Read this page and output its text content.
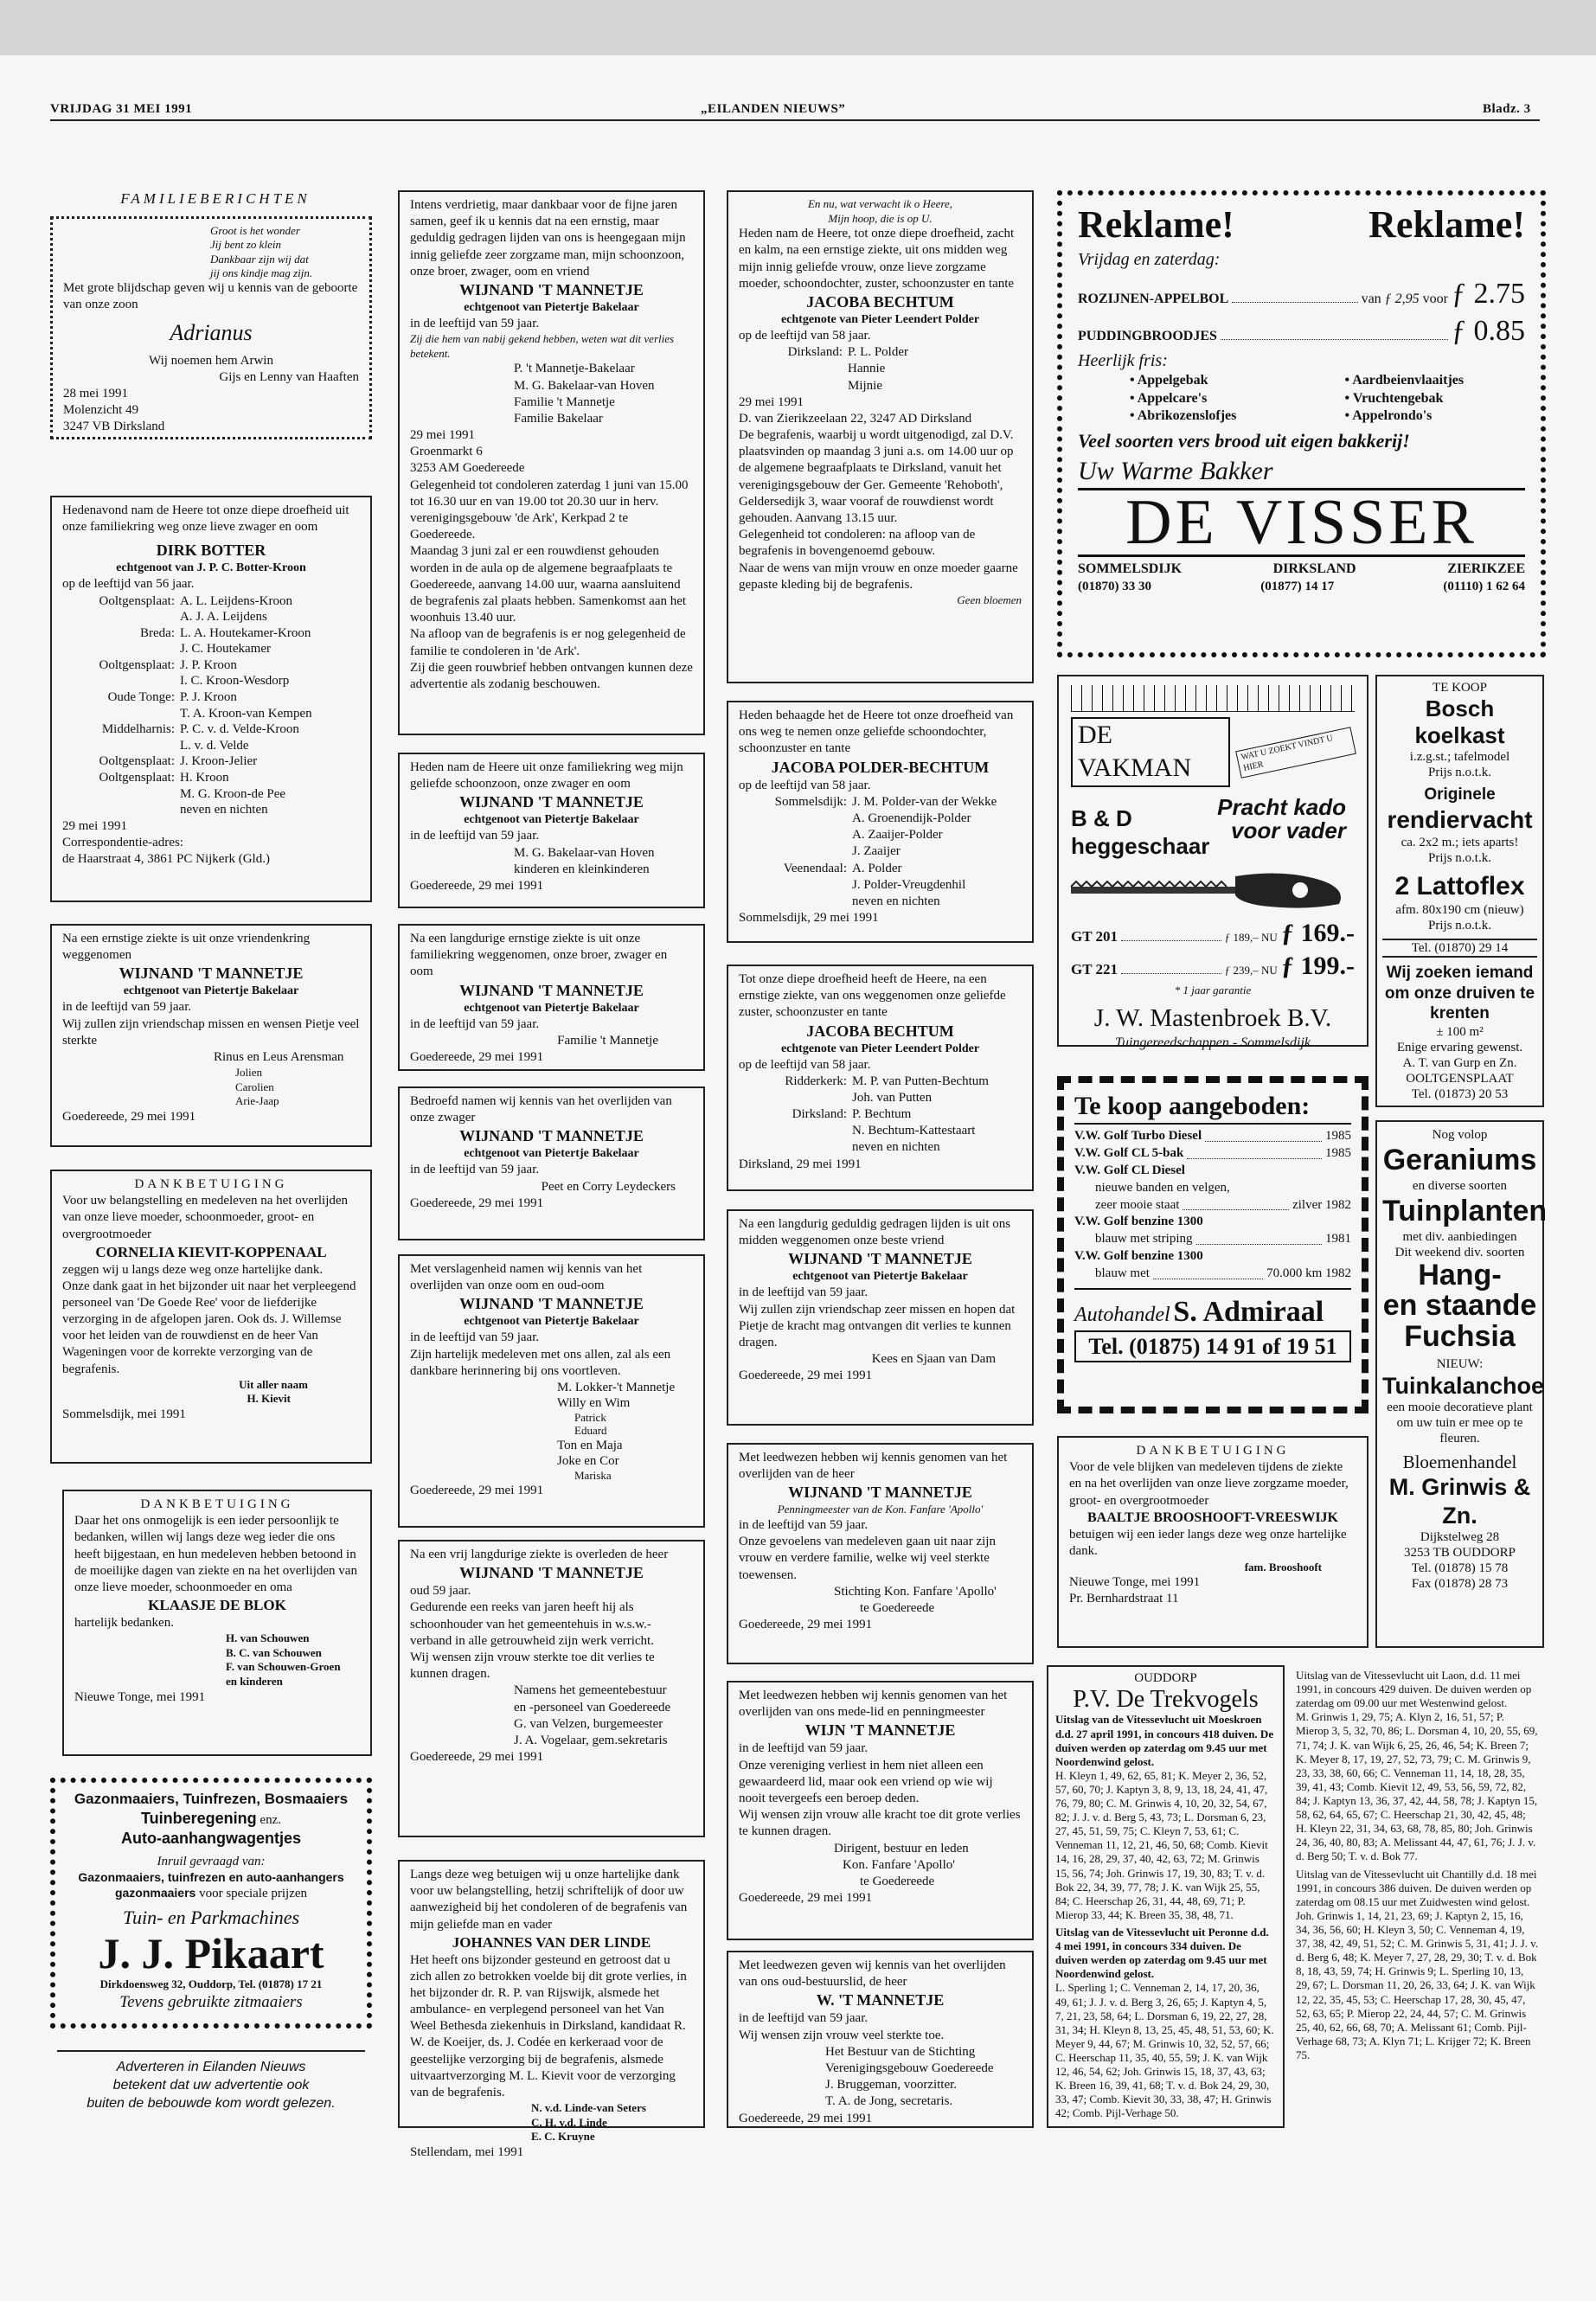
VRIJDAG 31 MEI 1991	„EILANDEN NIEUWS”	Bladz. 3
FAMILIEBERICHTEN
Groot is het wonder
Jij bent zo klein
Dankbaar zijn wij dat
jij ons kindje mag zijn.
Met grote blijdschap geven wij u kennis van de geboorte van onze zoon
Adrianus
Wij noemen hem Arwin
Gijs en Lenny van Haaften
28 mei 1991
Molenzicht 49
3247 VB Dirksland
Hedenavond nam de Heere tot onze diepe droefheid uit onze familiekring weg onze lieve zwager en oom
DIRK BOTTER
echtgenoot van J. P. C. Botter-Kroon
op de leeftijd van 56 jaar.
Ooltgensplaat: A. L. Leijdens-Kroon
A. J. A. Leijdens
Breda: L. A. Houtekamer-Kroon
J. C. Houtekamer
Ooltgensplaat: J. P. Kroon
I. C. Kroon-Wesdorp
Oude Tonge: P. J. Kroon
T. A. Kroon-van Kempen
Middelharnis: P. C. v. d. Velde-Kroon
L. v. d. Velde
Ooltgensplaat: J. Kroon-Jelier
Ooltgensplaat: H. Kroon
M. G. Kroon-de Pee
neven en nichten
29 mei 1991
Correspondentie-adres:
de Haarstraat 4, 3861 PC Nijkerk (Gld.)
Na een ernstige ziekte is uit onze vriendenkring weggenomen
WIJNAND 'T MANNETJE
echtgenoot van Pietertje Bakelaar
in de leeftijd van 59 jaar.
Wij zullen zijn vriendschap missen en wensen Pietje veel sterkte
Rinus en Leus Arensman
Jolien
Carolien
Arie-Jaap
Goedereede, 29 mei 1991
DANKBETUIGING
Voor uw belangstelling en medeleven na het overlijden van onze lieve moeder, schoonmoeder, groot- en overgrootmoeder
CORNELIA KIEVIT-KOPPENAAL
zeggen wij u langs deze weg onze hartelijke dank.
Onze dank gaat in het bijzonder uit naar het verpleegend personeel van 'De Goede Ree' voor de liefderijke verzorging in de afgelopen jaren. Ook ds. J. Willemse voor het leiden van de rouwdienst en de heer Van Wageningen voor de korrekte verzorging van de begrafenis.
Uit aller naam
H. Kievit
Sommelsdijk, mei 1991
DANKBETUIGING
Daar het ons onmogelijk is een ieder persoonlijk te bedanken, willen wij langs deze weg ieder die ons heeft bijgestaan, en hun medeleven hebben betoond in de moeilijke dagen van ziekte en na het overlijden van onze lieve moeder, schoonmoeder en oma
KLAASJE DE BLOK
hartelijk bedanken.
H. van Schouwen
B. C. van Schouwen
F. van Schouwen-Groen
en kinderen
Nieuwe Tonge, mei 1991
Gazonmaaiers, Tuinfrezen, Bosmaaiers
Tuinberegening enz.
Auto-aanhangwagentjes
Inruil gevraagd van:
Gazonmaaiers, tuinfrezen en auto-aanhangers
gazonmaaiers voor speciale prijzen
Tuin- en Parkmachines
J. J. Pikaart
Dirkdoensweg 32, Ouddorp, Tel. (01878) 17 21
Tevens gebruikte zitmaaiers
Adverteren in Eilanden Nieuws
betekent dat uw advertentie ook
buiten de bebouwde kom wordt gelezen.
Intens verdrietig, maar dankbaar voor de fijne jaren samen, geef ik u kennis dat na een ernstig, maar geduldig gedragen lijden van ons is heengegaan mijn innig geliefde zeer zorgzame man, mijn schoonzoon, onze broer, zwager, oom en vriend
WIJNAND 'T MANNETJE
echtgenoot van Pietertje Bakelaar
in de leeftijd van 59 jaar.
Zij die hem van nabij gekend hebben, weten wat dit verlies betekent.
P. 't Mannetje-Bakelaar
M. G. Bakelaar-van Hoven
Familie 't Mannetje
Familie Bakelaar
29 mei 1991
Groenmarkt 6
3253 AM Goedereede
Gelegenheid tot condoleren zaterdag 1 juni van 15.00 tot 16.30 uur en van 19.00 tot 20.30 uur in herv. verenigingsgebouw 'de Ark', Kerkpad 2 te Goedereede.
Maandag 3 juni zal er een rouwdienst gehouden worden in de aula op de algemene begraafplaats te Goedereede, aanvang 14.00 uur, waarna aansluitend de begrafenis zal plaats hebben. Samenkomst aan het woonhuis 13.40 uur.
Na afloop van de begrafenis is er nog gelegenheid de familie te condoleren in 'de Ark'.
Zij die geen rouwbrief hebben ontvangen kunnen deze advertentie als zodanig beschouwen.
Heden nam de Heere uit onze familiekring weg mijn geliefde schoonzoon, onze zwager en oom
WIJNAND 'T MANNETJE
echtgenoot van Pietertje Bakelaar
in de leeftijd van 59 jaar.
M. G. Bakelaar-van Hoven
kinderen en kleinkinderen
Goedereede, 29 mei 1991
Na een langdurige ernstige ziekte is uit onze familiekring weggenomen, onze broer, zwager en oom
WIJNAND 'T MANNETJE
echtgenoot van Pietertje Bakelaar
in de leeftijd van 59 jaar.
Familie 't Mannetje
Goedereede, 29 mei 1991
Bedroefd namen wij kennis van het overlijden van onze zwager
WIJNAND 'T MANNETJE
echtgenoot van Pietertje Bakelaar
in de leeftijd van 59 jaar.
Peet en Corry Leydeckers
Goedereede, 29 mei 1991
Met verslagenheid namen wij kennis van het overlijden van onze oom en oud-oom
WIJNAND 'T MANNETJE
echtgenoot van Pietertje Bakelaar
in de leeftijd van 59 jaar.
Zijn hartelijk medeleven met ons allen, zal als een dankbare herinnering bij ons voortleven.
M. Lokker-'t Mannetje
Willy en Wim
Patrick
Eduard
Ton en Maja
Joke en Cor
Mariska
Goedereede, 29 mei 1991
Na een vrij langdurige ziekte is overleden de heer
WIJNAND 'T MANNETJE
oud 59 jaar.
Gedurende een reeks van jaren heeft hij als schoonhouder van het gemeentehuis in w.s.w.-verband in alle getrouwheid zijn werk verricht.
Wij wensen zijn vrouw sterkte toe dit verlies te kunnen dragen.
Namens het gemeentebestuur
en -personeel van Goedereede
G. van Velzen, burgemeester
J. A. Vogelaar, gem.sekretaris
Goedereede, 29 mei 1991
Langs deze weg betuigen wij u onze hartelijke dank voor uw belangstelling, hetzij schriftelijk of door uw aanwezigheid bij het condoleren of de begrafenis van mijn geliefde man en vader
JOHANNES VAN DER LINDE
Het heeft ons bijzonder gesteund en getroost dat u zich allen zo betrokken voelde bij dit grote verlies, in het bijzonder dr. R. P. van Rijswijk, alsmede het ambulance- en verplegend personeel van het Van Weel Bethesda ziekenhuis in Dirksland, kandidaat R. W. de Koeijer, ds. J. Codée en kerkeraad voor de geestelijke verzorging bij de begrafenis, alsmede uitvaartverzorging M. L. Kievit voor de verzorging van de begrafenis.
N. v.d. Linde-van Seters
C. H. v.d. Linde
E. C. Kruyne
Stellendam, mei 1991
En nu, wat verwacht ik o Heere,
Mijn hoop, die is op U.
Heden nam de Heere, tot onze diepe droefheid, zacht en kalm, na een ernstige ziekte, uit ons midden weg mijn innig geliefde vrouw, onze lieve zorgzame moeder, schoondochter, zuster, schoonzuster en tante
JACOBA BECHTUM
echtgenote van Pieter Leendert Polder
op de leeftijd van 58 jaar.
Dirksland: P. L. Polder
Hannie
Mijnie
29 mei 1991
D. van Zierikzeelaan 22, 3247 AD Dirksland
De begrafenis, waarbij u wordt uitgenodigd, zal D.V. plaatsvinden op maandag 3 juni a.s. om 14.00 uur op de algemene begraafplaats te Dirksland, vanuit het verenigingsgebouw der Ger. Gemeente 'Rehoboth', Geldersedijk 3, waar vooraf de rouwdienst wordt gehouden. Aanvang 13.15 uur.
Gelegenheid tot condoleren: na afloop van de begrafenis in bovengenoemd gebouw.
Naar de wens van mijn vrouw en onze moeder gaarne gepaste kleding bij de begrafenis.
Geen bloemen
Heden behaagde het de Heere tot onze droefheid van ons weg te nemen onze geliefde schoondochter, schoonzuster en tante
JACOBA POLDER-BECHTUM
op de leeftijd van 58 jaar.
Sommelsdijk: J. M. Polder-van der Wekke
A. Groenendijk-Polder
A. Zaaijer-Polder
J. Zaaijer
Veenendaal: A. Polder
J. Polder-Vreugdenhil
neven en nichten
Sommelsdijk, 29 mei 1991
Tot onze diepe droefheid heeft de Heere, na een ernstige ziekte, van ons weggenomen onze geliefde zuster, schoonzuster en tante
JACOBA BECHTUM
echtgenote van Pieter Leendert Polder
op de leeftijd van 58 jaar.
Ridderkerk: M. P. van Putten-Bechtum
Joh. van Putten
Dirksland: P. Bechtum
N. Bechtum-Kattestaart
neven en nichten
Dirksland, 29 mei 1991
Na een langdurig geduldig gedragen lijden is uit ons midden weggenomen onze beste vriend
WIJNAND 'T MANNETJE
echtgenoot van Pietertje Bakelaar
in de leeftijd van 59 jaar.
Wij zullen zijn vriendschap zeer missen en hopen dat Pietje de kracht mag ontvangen dit verlies te kunnen dragen.
Kees en Sjaan van Dam
Goedereede, 29 mei 1991
Met leedwezen hebben wij kennis genomen van het overlijden van de heer
WIJNAND 'T MANNETJE
Penningmeester van de Kon. Fanfare 'Apollo'
in de leeftijd van 59 jaar.
Onze gevoelens van medeleven gaan uit naar zijn vrouw en verdere familie, welke wij veel sterkte toewensen.
Stichting Kon. Fanfare 'Apollo'
te Goedereede
Goedereede, 29 mei 1991
Met leedwezen hebben wij kennis genomen van het overlijden van ons mede-lid en penningmeester
WIJN 'T MANNETJE
in de leeftijd van 59 jaar.
Onze vereniging verliest in hem niet alleen een gewaardeerd lid, maar ook een vriend op wie wij nooit tevergeefs een beroep deden.
Wij wensen zijn vrouw alle kracht toe dit grote verlies te kunnen dragen.
Dirigent, bestuur en leden
Kon. Fanfare 'Apollo'
te Goedereede
Goedereede, 29 mei 1991
Met leedwezen geven wij kennis van het overlijden van ons oud-bestuurslid, de heer
W. 'T MANNETJE
in de leeftijd van 59 jaar.
Wij wensen zijn vrouw veel sterkte toe.
Het Bestuur van de Stichting
Verenigingsgebouw Goedereede
J. Bruggeman, voorzitter.
T. A. de Jong, secretaris.
Goedereede, 29 mei 1991
Reklame!	Reklame!
Vrijdag en zaterdag:
ROZIJNEN-APPELBOL	van
ƒ 2,95
voor
ƒ 2.75
PUDDINGBROODJES	ƒ 0.85
Heerlijk fris:
• Appelgebak
• Appelcare's
• Abrikozenslofjes
• Aardbeienvlaaitjes
• Vruchtengebak
• Appelrondo's
Veel soorten vers brood uit eigen bakkerij!
Uw Warme Bakker
DE VISSER
SOMMELSDIJK	DIRKSLAND	ZIERIKZEE
(01870) 33 30	(01877) 14 17	(01110) 1 62 64
DE VAKMAN
WAT U ZOEKT VINDT U HIER
Pracht kado
voor vader
B & D
heggeschaar
GT 201	ƒ 189,– NU
ƒ 169.-
GT 221	ƒ 239,– NU
ƒ 199.-
* 1 jaar garantie
J. W. Mastenbroek B.V.
Tuingereedschappen - Sommelsdijk
Te koop aangeboden:
V.W. Golf Turbo Diesel	1985
V.W. Golf CL 5-bak	1985
V.W. Golf CL Diesel
nieuwe banden en velgen,
zeer mooie staat	zilver 1982
V.W. Golf benzine 1300
blauw met striping	1981
V.W. Golf benzine 1300
blauw met	70.000 km 1982
Autohandel S. Admiraal
Tel. (01875) 14 91 of 19 51
DANKBETUIGING
Voor de vele blijken van medeleven tijdens de ziekte en na het overlijden van onze lieve zorgzame moeder, groot- en overgrootmoeder
BAALTJE BROOSHOOFT-VREESWIJK
betuigen wij een ieder langs deze weg onze hartelijke dank.
fam. Brooshooft
Nieuwe Tonge, mei 1991
Pr. Bernhardstraat 11
TE KOOP
Bosch koelkast
i.z.g.st.; tafelmodel
Prijs n.o.t.k.
Originele
rendiervacht
ca. 2x2 m.; iets aparts!
Prijs n.o.t.k.
2 Lattoflex
afm. 80x190 cm (nieuw)
Prijs n.o.t.k.
Tel. (01870) 29 14
Wij zoeken iemand om onze druiven te krenten
± 100 m²
Enige ervaring gewenst.
A. T. van Gurp en Zn.
OOLTGENSPLAAT
Tel. (01873) 20 53
Nog volop
Geraniums
en diverse soorten
Tuinplanten
met div. aanbiedingen
Dit weekend div. soorten
Hang-
en staande
Fuchsia
NIEUW:
Tuinkalanchoe
een mooie decoratieve plant om uw tuin er mee op te fleuren.
Bloemenhandel
M. Grinwis & Zn.
Dijkstelweg 28
3253 TB OUDDORP
Tel. (01878) 15 78
Fax (01878) 28 73
OUDDORP
P.V. De Trekvogels
Uitslag van de Vitessevlucht uit Moeskroen d.d. 27 april 1991, in concours 418 duiven. De duiven werden op zaterdag om 9.45 uur met Noordenwind gelost.
H. Kleyn 1, 49, 62, 65, 81; K. Meyer 2, 36, 52, 57, 60, 70; J. Kaptyn 3, 8, 9, 13, 18, 24, 41, 47, 76, 79, 80; C. M. Grinwis 4, 10, 20, 32, 54, 67, 82; J. J. v. d. Berg 5, 43, 73; L. Dorsman 6, 23, 27, 45, 51, 59, 75; C. Kleyn 7, 53, 61; C. Venneman 11, 12, 21, 46, 50, 68; Comb. Kievit 14, 16, 28, 29, 37, 40, 42, 63, 72; M. Grinwis 15, 56, 74; Joh. Grinwis 17, 19, 30, 83; T. v. d. Bok 22, 34, 39, 77, 78; J. K. van Wijk 25, 55, 84; C. Heerschap 26, 31, 44, 48, 69, 71; P. Mierop 33, 44; K. Breen 35, 38, 48, 71.
Uitslag van de Vitessevlucht uit Peronne d.d. 4 mei 1991, in concours 334 duiven. De duiven werden op zaterdag om 9.45 uur met Noordenwind gelost.
L. Sperling 1; C. Venneman 2, 14, 17, 20, 36, 49, 61; J. J. v. d. Berg 3, 26, 65; J. Kaptyn 4, 5, 7, 21, 23, 58, 64; L. Dorsman 6, 19, 22, 27, 28, 31, 34; H. Kleyn 8, 13, 25, 45, 48, 51, 53, 60; K. Meyer 9, 44, 67; M. Grinwis 10, 32, 52, 57, 66; C. Heerschap 11, 35, 40, 55, 59; J. K. van Wijk 12, 46, 54, 62; Joh. Grinwis 15, 18, 37, 43, 63; K. Breen 16, 39, 41, 68; T. v. d. Bok 24, 29, 30, 33, 47; Comb. Kievit 30, 33, 38, 47; H. Grinwis 42; Comb. Pijl-Verhage 50.
Uitslag van de Vitessevlucht uit Laon, d.d. 11 mei 1991, in concours 429 duiven. De duiven werden op zaterdag om 09.00 uur met Westenwind gelost.
M. Grinwis 1, 29, 75; A. Klyn 2, 16, 51, 57; P. Mierop 3, 5, 32, 70, 86; L. Dorsman 4, 10, 20, 55, 69, 71, 74; J. K. van Wijk 6, 25, 26, 46, 54; K. Breen 7; K. Meyer 8, 17, 19, 27, 52, 73, 79; C. M. Grinwis 9, 23, 33, 38, 60, 66; C. Venneman 11, 14, 18, 28, 35, 39, 41, 43; Comb. Kievit 12, 49, 53, 56, 59, 72, 82, 84; J. Kaptyn 13, 36, 37, 42, 44, 58, 78; J. Kaptyn 15, 58, 62, 64, 65, 67; C. Heerschap 21, 30, 42, 45, 48; H. Kleyn 22, 31, 34, 63, 68, 78, 85, 80; Joh. Grinwis 24, 36, 40, 80, 83; A. Melissant 44, 47, 61, 76; J. J. v. d. Berg 50; T. v. d. Bok 77.
Uitslag van de Vitessevlucht uit Chantilly d.d. 18 mei 1991, in concours 386 duiven. De duiven werden op zaterdag om 08.15 uur met Zuidwesten wind gelost.
Joh. Grinwis 1, 14, 21, 23, 69; J. Kaptyn 2, 15, 16, 34, 36, 56, 60; H. Kleyn 3, 50; C. Venneman 4, 19, 37, 38, 42, 49, 51, 52; C. M. Grinwis 5, 31, 41; J. J. v. d. Berg 6, 48; K. Meyer 7, 27, 28, 29, 30; T. v. d. Bok 8, 18, 43, 59, 74; H. Grinwis 9; L. Sperling 10, 13, 29, 67; L. Dorsman 11, 20, 26, 33, 64; J. K. van Wijk 12, 22, 35, 45, 53; C. Heerschap 17, 28, 30, 45, 47, 52, 63, 65; P. Mierop 22, 24, 44, 57; C. M. Grinwis 25, 40, 62, 66, 68, 70; A. Melissant 61; Comb. Pijl-Verhage 68, 73; A. Klyn 71; L. Krijger 72; K. Breen 75.
